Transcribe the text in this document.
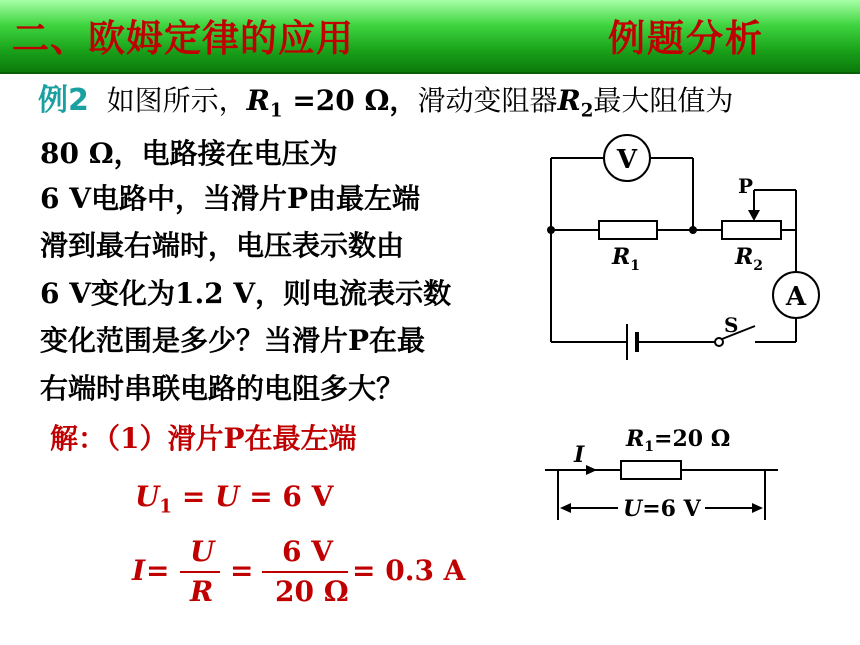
二、欧姆定律的应用	例题分析
例2 如图所示，$R_1 =20$ Ω，滑动变阻器$R_2$最大阻值为
80 Ω，电路接在电压为
6 V电路中，当滑片P由最左端
滑到最右端时，电压表示数由
6 V变化为1.2 V，则电流表示数
变化范围是多少？当滑片P在最
右端时串联电路的电阻多大？
解：（1）滑片P在最左端
$U_1 = U = 6$ V
I =
U
R
=
6 V
20 Ω
= 0.3 A
V
A
P
S
$R_1$	$R_2$
I
$R_1=20$ Ω
U=6 V
